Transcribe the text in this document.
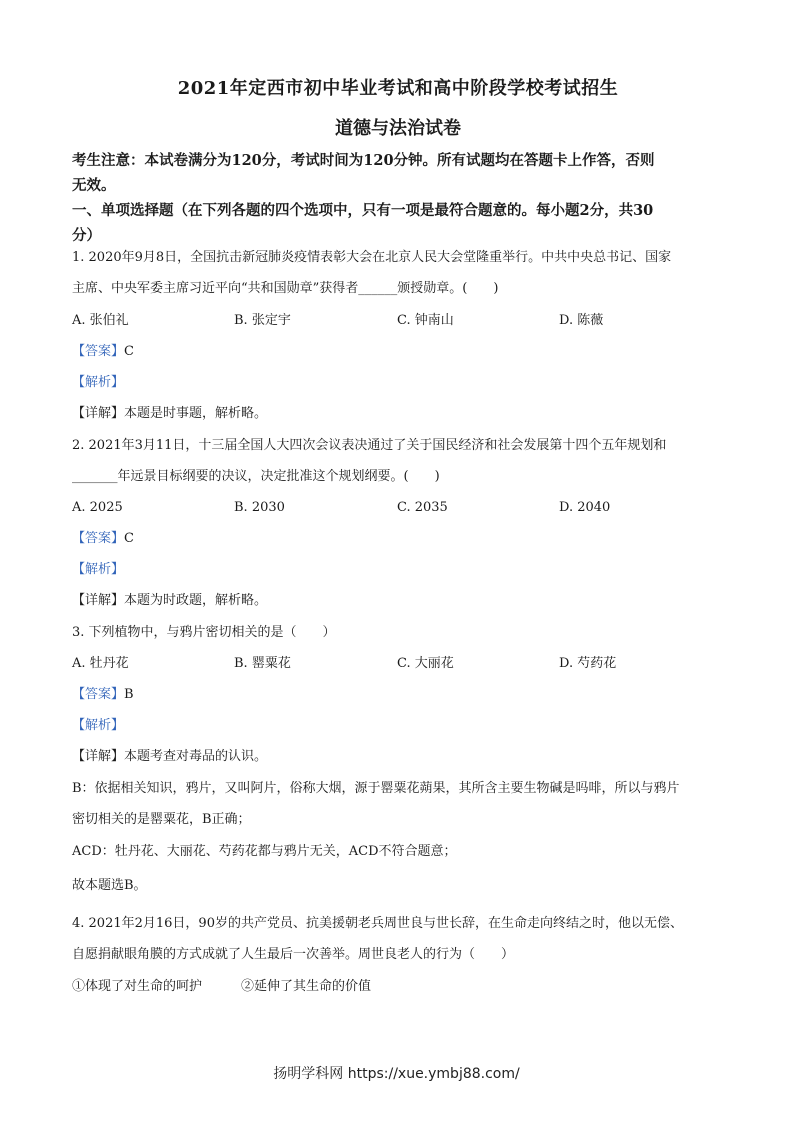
2021年定西市初中毕业考试和高中阶段学校考试招生
道德与法治试卷
考生注意：本试卷满分为120分，考试时间为120分钟。所有试题均在答题卡上作答，否则
无效。
一、单项选择题（在下列各题的四个选项中，只有一项是最符合题意的。每小题2分，共30
分）
1. 2020年9月8日，全国抗击新冠肺炎疫情表彰大会在北京人民大会堂隆重举行。中共中央总书记、国家
主席、中央军委主席习近平向“共和国勋章”获得者______颁授勋章。(　　)
A. 张伯礼	B. 张定宇	C. 钟南山	D. 陈薇
【答案】C
【解析】
【详解】本题是时事题，解析略。
2. 2021年3月11日，十三届全国人大四次会议表决通过了关于国民经济和社会发展第十四个五年规划和
_______年远景目标纲要的决议，决定批准这个规划纲要。(　　)
A. 2025	B. 2030	C. 2035	D. 2040
【答案】C
【解析】
【详解】本题为时政题，解析略。
3. 下列植物中，与鸦片密切相关的是（　　）
A. 牡丹花	B. 罂粟花	C. 大丽花	D. 芍药花
【答案】B
【解析】
【详解】本题考查对毒品的认识。
B：依据相关知识，鸦片，又叫阿片，俗称大烟，源于罂粟花蒴果，其所含主要生物碱是吗啡，所以与鸦片
密切相关的是罂粟花，B正确；
ACD：牡丹花、大丽花、芍药花都与鸦片无关，ACD不符合题意；
故本题选B。
4. 2021年2月16日，90岁的共产党员、抗美援朝老兵周世良与世长辞，在生命走向终结之时，他以无偿、
自愿捐献眼角膜的方式成就了人生最后一次善举。周世良老人的行为（　　）
①体现了对生命的呵护　　　②延伸了其生命的价值
扬明学科网 https://xue.ymbj88.com/
